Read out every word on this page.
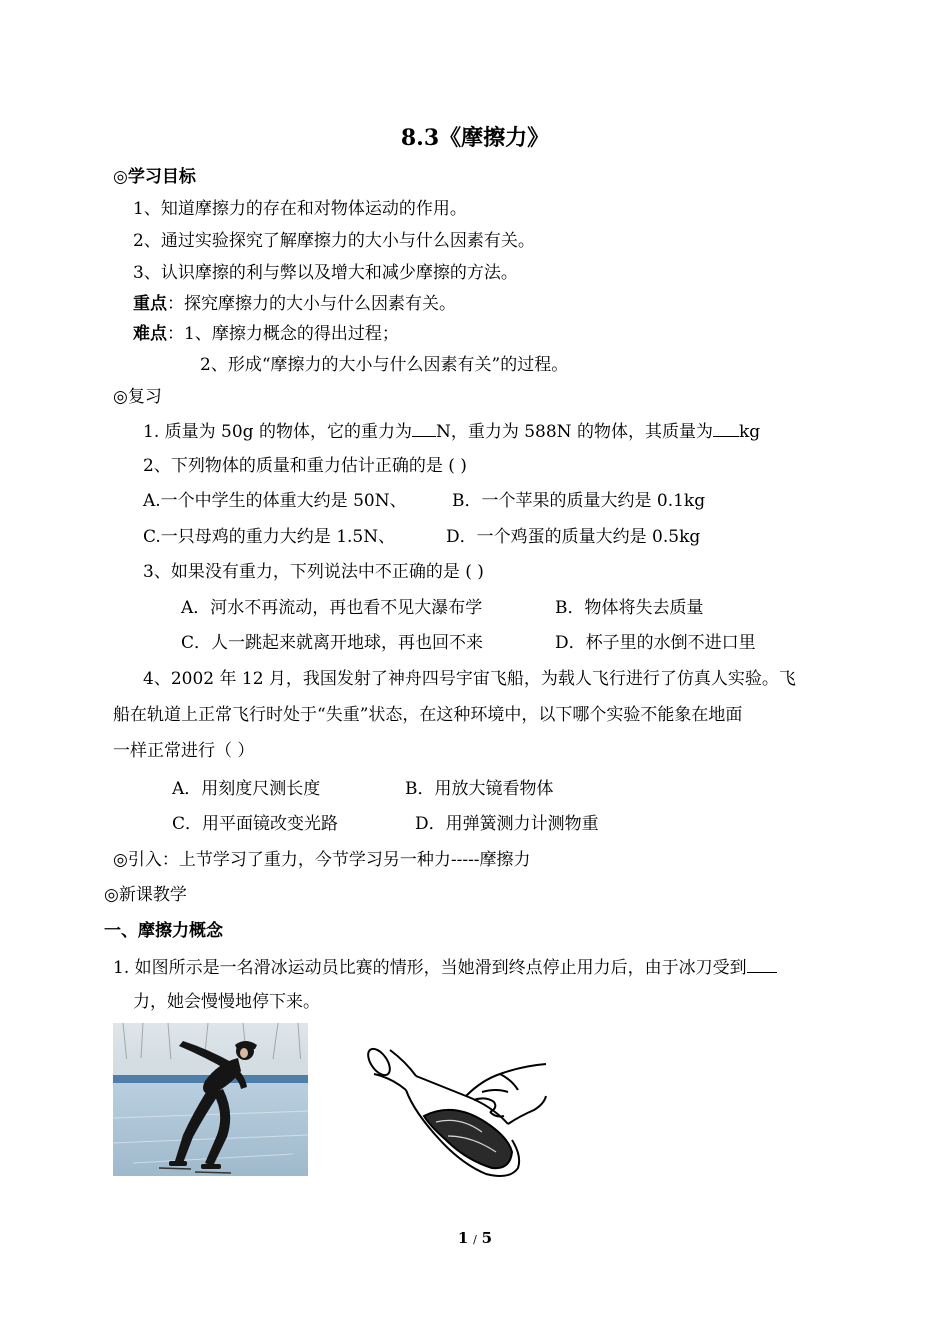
8.3《摩擦力》
◎学习目标
1、知道摩擦力的存在和对物体运动的作用。
2、通过实验探究了解摩擦力的大小与什么因素有关。
3、认识摩擦的利与弊以及增大和减少摩擦的方法。
重点：探究摩擦力的大小与什么因素有关。
难点：1、摩擦力概念的得出过程；
2、形成“摩擦力的大小与什么因素有关”的过程。
◎复习
1. 质量为 50g 的物体，它的重力为 N，重力为 588N 的物体，其质量为 kg
2、下列物体的质量和重力估计正确的是 ( )
A.一个中学生的体重大约是 50N、	B．一个苹果的质量大约是 0.1kg
C.一只母鸡的重力大约是 1.5N、	D．一个鸡蛋的质量大约是 0.5kg
3、如果没有重力，下列说法中不正确的是 ( )
A．河水不再流动，再也看不见大瀑布学	B．物体将失去质量
C．人一跳起来就离开地球，再也回不来	D．杯子里的水倒不进口里
4、2002 年 12 月，我国发射了神舟四号宇宙飞船，为载人飞行进行了仿真人实验。飞
船在轨道上正常飞行时处于“失重”状态，在这种环境中，以下哪个实验不能象在地面
一样正常进行（ ）
A．用刻度尺测长度	B．用放大镜看物体
C．用平面镜改变光路	D．用弹簧测力计测物重
◎引入：上节学习了重力，今节学习另一种力-----摩擦力
◎新课教学
一、摩擦力概念
1. 如图所示是一名滑冰运动员比赛的情形，当她滑到终点停止用力后，由于冰刀受到
力，她会慢慢地停下来。
1 / 5
